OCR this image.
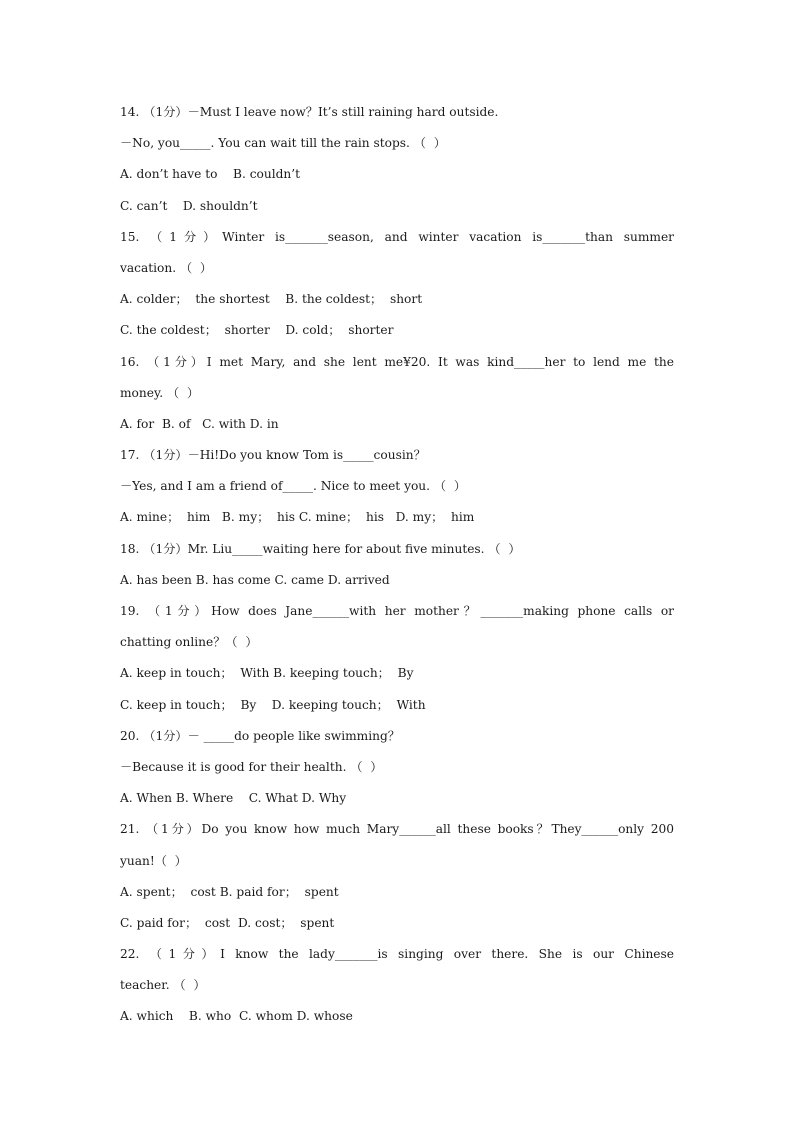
14. （1分）－Must I leave now？It’s still raining hard outside.
－No, you_____. You can wait till the rain stops. （  ）
A. don’t have to    B. couldn’t
C. can’t    D. shouldn’t
15. （1分）Winter is_______season, and winter vacation is_______than summer
vacation. （  ）
A. colder；  the shortest    B. the coldest；  short
C. the coldest；  shorter    D. cold；  shorter
16. （1分）I met Mary, and she lent me¥20. It was kind_____her to lend me the
money. （  ）
A. for  B. of   C. with D. in
17. （1分）－Hi!Do you know Tom is_____cousin？
－Yes, and I am a friend of_____. Nice to meet you. （  ）
A. mine；  him   B. my；  his C. mine；  his   D. my；  him
18. （1分）Mr. Liu_____waiting here for about five minutes. （  ）
A. has been B. has come C. came D. arrived
19. （1分）How does Jane______with her mother？_______making phone calls or
chatting online？（  ）
A. keep in touch；  With B. keeping touch；  By
C. keep in touch；  By    D. keeping touch；  With
20. （1分）－ _____do people like swimming？
－Because it is good for their health. （  ）
A. When B. Where    C. What D. Why
21. （1分）Do you know how much Mary______all these books？They______only 200
yuan!（  ）
A. spent；  cost B. paid for；  spent
C. paid for；  cost  D. cost；  spent
22. （1分）I know the lady_______is singing over there. She is our Chinese
teacher. （  ）
A. which    B. who  C. whom D. whose
